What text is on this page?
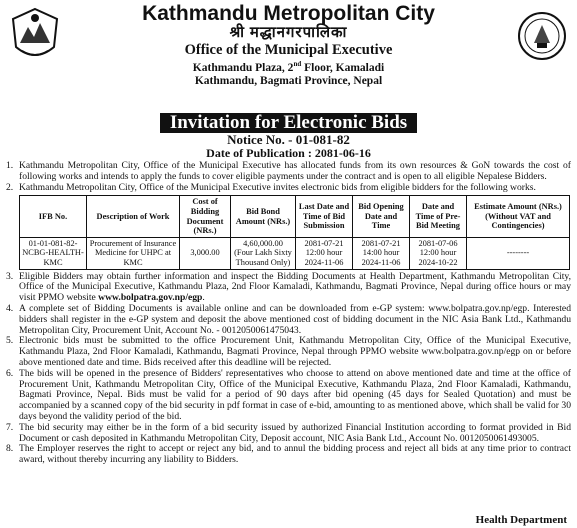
Kathmandu Metropolitan City
श्री मद्धानगरपालिका
Office of the Municipal Executive
Kathmandu Plaza, 2nd Floor, Kamaladi
Kathmandu, Bagmati Province, Nepal
Invitation for Electronic Bids
Notice No. - 01-081-82
Date of Publication : 2081-06-16
1. Kathmandu Metropolitan City, Office of the Municipal Executive has allocated funds from its own resources & GoN towards the cost of following works and intends to apply the funds to cover eligible payments under the contract and is open to all eligible Nepalese Bidders.
2. Kathmandu Metropolitan City, Office of the Municipal Executive invites electronic bids from eligible bidders for the following works.
IFB No.	Description of Work	Cost of Bidding Document (NRs.)	Bid Bond Amount (NRs.)	Last Date and Time of Bid Submission	Bid Opening Date and Time	Date and Time of Pre-Bid Meeting	Estimate Amount (NRs.) (Without VAT and Contingencies)
01-01-081-82-NCBG-HEALTH-KMC	Procurement of Insurance Medicine for UHPC at KMC	3,000.00	4,60,000.00 (Four Lakh Sixty Thousand Only)	2081-07-21 12:00 hour 2024-11-06	2081-07-21 14:00 hour 2024-11-06	2081-07-06 12:00 hour 2024-10-22	--------
3. Eligible Bidders may obtain further information and inspect the Bidding Documents at Health Department, Kathmandu Metropolitan City, Office of the Municipal Executive, Kathmandu Plaza, 2nd Floor Kamaladi, Kathmandu, Bagmati Province, Nepal during office hours or may visit PPMO website www.bolpatra.gov.np/egp.
4. A complete set of Bidding Documents is available online and can be downloaded from e-GP system: www.bolpatra.gov.np/egp. Interested bidders shall register in the e-GP system and deposit the above mentioned cost of bidding document in the NIC Asia Bank Ltd., Kathmandu Metropolitan City, Procurement Unit, Account No. - 0012050061475043.
5. Electronic bids must be submitted to the office Procurement Unit, Kathmandu Metropolitan City, Office of the Municipal Executive, Kathmandu Plaza, 2nd Floor Kamaladi, Kathmandu, Bagmati Province, Nepal through PPMO website www.bolpatra.gov.np/egp on or before above mentioned date and time. Bids received after this deadline will be rejected.
6. The bids will be opened in the presence of Bidders' representatives who choose to attend on above mentioned date and time at the office of Procurement Unit, Kathmandu Metropolitan City, Office of the Municipal Executive, Kathmandu Plaza, 2nd Floor Kamaladi, Kathmandu, Bagmati Province, Nepal. Bids must be valid for a period of 90 days after bid opening (45 days for Sealed Quotation) and must be accompanied by a scanned copy of the bid security in pdf format in case of e-bid, amounting to as mentioned above, which shall be valid for 30 days beyond the validity period of the bid.
7. The bid security may either be in the form of a bid security issued by authorized Financial Institution according to format provided in Bid Document or cash deposited in Kathmandu Metropolitan City, Deposit account, NIC Asia Bank Ltd., Account No. 0012050061493005.
8. The Employer reserves the right to accept or reject any bid, and to annul the bidding process and reject all bids at any time prior to contract award, without thereby incurring any liability to Bidders.
Health Department
